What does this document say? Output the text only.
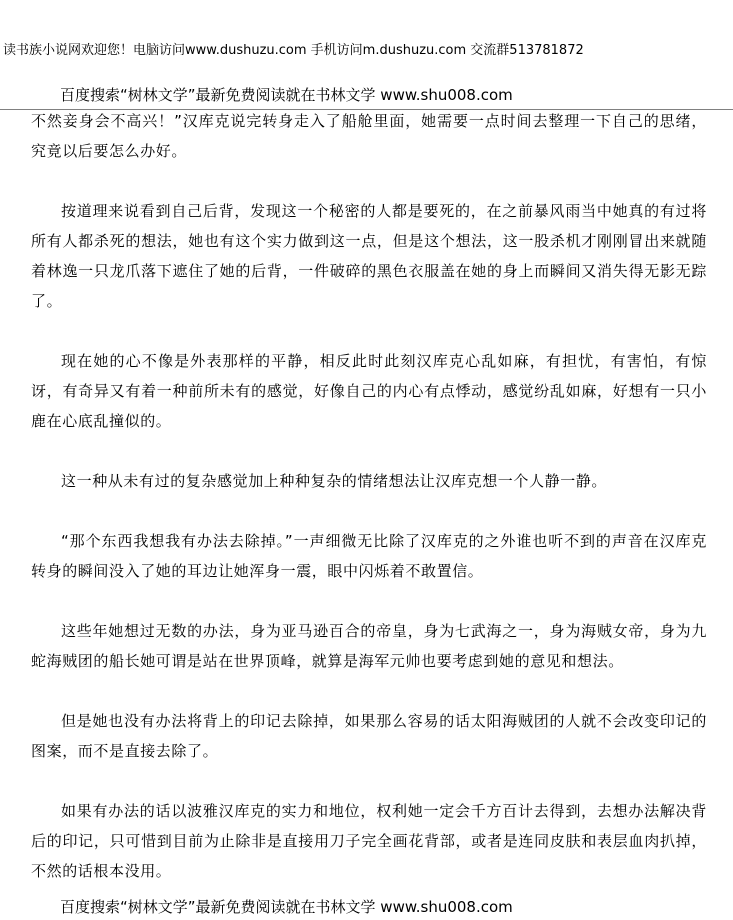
读书族小说网欢迎您！电脑访问www.dushuzu.com 手机访问m.dushuzu.com 交流群513781872
百度搜索“树林文学”最新免费阅读就在书林文学 www.shu008.com

不然妾身会不高兴！”汉库克说完转身走入了船舱里面，她需要一点时间去整理一下自己的思绪，究竟以后要怎么办好。

按道理来说看到自己后背，发现这一个秘密的人都是要死的，在之前暴风雨当中她真的有过将所有人都杀死的想法，她也有这个实力做到这一点，但是这个想法，这一股杀机才刚刚冒出来就随着林逸一只龙爪落下遮住了她的后背，一件破碎的黑色衣服盖在她的身上而瞬间又消失得无影无踪了。

现在她的心不像是外表那样的平静，相反此时此刻汉库克心乱如麻，有担忧，有害怕，有惊讶，有奇异又有着一种前所未有的感觉，好像自己的内心有点悸动，感觉纷乱如麻，好想有一只小鹿在心底乱撞似的。

这一种从未有过的复杂感觉加上种种复杂的情绪想法让汉库克想一个人静一静。

“那个东西我想我有办法去除掉。”一声细微无比除了汉库克的之外谁也听不到的声音在汉库克转身的瞬间没入了她的耳边让她浑身一震，眼中闪烁着不敢置信。

这些年她想过无数的办法，身为亚马逊百合的帝皇，身为七武海之一，身为海贼女帝，身为九蛇海贼团的船长她可谓是站在世界顶峰，就算是海军元帅也要考虑到她的意见和想法。

但是她也没有办法将背上的印记去除掉，如果那么容易的话太阳海贼团的人就不会改变印记的图案，而不是直接去除了。

如果有办法的话以波雅汉库克的实力和地位，权利她一定会千方百计去得到，去想办法解决背后的印记，只可惜到目前为止除非是直接用刀子完全画花背部，或者是连同皮肤和表层血肉扒掉，不然的话根本没用。

百度搜索“树林文学”最新免费阅读就在书林文学 www.shu008.com
